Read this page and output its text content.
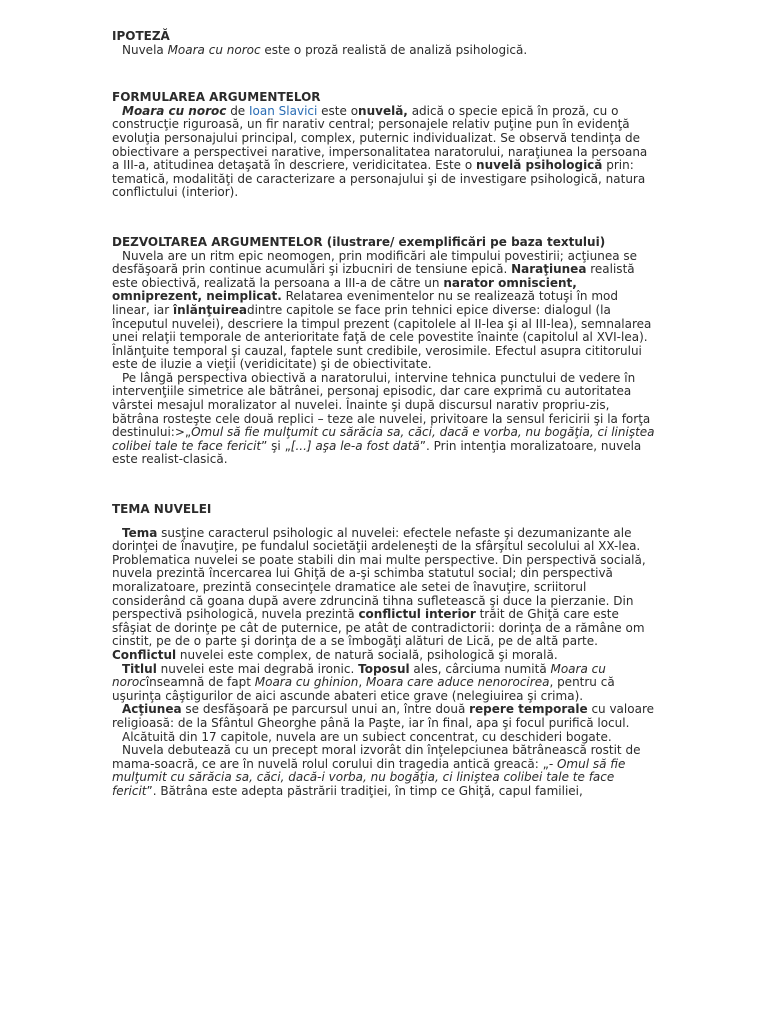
IPOTEZĂ

Nuvela Moara cu noroc este o proză realistă de analiză psihologică.

FORMULAREA ARGUMENTELOR

Moara cu noroc de Ioan Slavici este onuvelă, adică o specie epică în proză, cu o construcţie riguroasă, un fir narativ central; personajele relativ puţine pun în evidenţă evoluţia personajului principal, complex, puternic individualizat. Se observă tendinţa de obiectivare a perspectivei narative, impersonalitatea naratorului, naraţiunea la persoana a III-a, atitudinea detaşată în descriere, veridicitatea. Este o nuvelă psihologică prin: tematică, modalităţi de caracterizare a personajului şi de investigare psihologică, natura conflictului (interior).

DEZVOLTAREA ARGUMENTELOR (ilustrare/ exemplificări pe baza textului)

Nuvela are un ritm epic neomogen, prin modificări ale timpului povestirii; acţiunea se desfăşoară prin continue acumulări şi izbucniri de tensiune epică. Naraţiunea realistă este obiectivă, realizată la persoana a III-a de către un narator omniscient, omniprezent, neimplicat. Relatarea evenimentelor nu se realizează totuşi în mod linear, iar înlănţuireadintre capitole se face prin tehnici epice diverse: dialogul (la începutul nuvelei), descriere la timpul prezent (capitolele al II-lea şi al III-lea), semnalarea unei relaţii temporale de anterioritate faţă de cele povestite înainte (capitolul al XVI-lea). Înlănţuite temporal şi cauzal, faptele sunt credibile, verosimile. Efectul asupra cititorului este de iluzie a vieţii (veridicitate) şi de obiectivitate.

Pe lângă perspectiva obiectivă a naratorului, intervine tehnica punctului de vedere în intervenţiile simetrice ale bătrânei, personaj episodic, dar care exprimă cu autoritatea vârstei mesajul moralizator al nuvelei. Înainte şi după discursul narativ propriu-zis, bătrâna rosteşte cele două replici – teze ale nuvelei, privitoare la sensul fericirii şi la forţa destinului:>„Omul să fie mulţumit cu sărăcia sa, căci, dacă e vorba, nu bogăţia, ci liniştea colibei tale te face fericit” şi „[...] aşa le-a fost dată”. Prin intenţia moralizatoare, nuvela este realist-clasică.

TEMA NUVELEI

Tema susţine caracterul psihologic al nuvelei: efectele nefaste şi dezumanizante ale dorinţei de înavuţire, pe fundalul societăţii ardeleneşti de la sfârşitul secolului al XX-lea. Problematica nuvelei se poate stabili din mai multe perspective. Din perspectivă socială, nuvela prezintă încercarea lui Ghiţă de a-şi schimba statutul social; din perspectivă moralizatoare, prezintă consecinţele dramatice ale setei de înavuţire, scriitorul considerând că goana după avere zdruncină tihna sufletească şi duce la pierzanie. Din perspectivă psihologică, nuvela prezintă conflictul interior trăit de Ghiţă care este sfâşiat de dorinţe pe cât de puternice, pe atât de contradictorii: dorinţa de a rămâne om cinstit, pe de o parte şi dorinţa de a se îmbogăţi alături de Lică, pe de altă parte. Conflictul nuvelei este complex, de natură socială, psihologică şi morală.

Titlul nuvelei este mai degrabă ironic. Toposul ales, cârciuma numită Moara cu norocînseamnă de fapt Moara cu ghinion, Moara care aduce nenorocirea, pentru că uşurinţa câştigurilor de aici ascunde abateri etice grave (nelegiuirea şi crima).

Acţiunea se desfăşoară pe parcursul unui an, între două repere temporale cu valoare religioasă: de la Sfântul Gheorghe până la Paşte, iar în final, apa şi focul purifică locul.

Alcătuită din 17 capitole, nuvela are un subiect concentrat, cu deschideri bogate.

Nuvela debutează cu un precept moral izvorât din înţelepciunea bătrânească rostit de mama-soacră, ce are în nuvelă rolul corului din tragedia antică greacă: „- Omul să fie mulţumit cu sărăcia sa, căci, dacă-i vorba, nu bogăţia, ci liniştea colibei tale te face fericit”. Bătrâna este adepta păstrării tradiţiei, în timp ce Ghiţă, capul familiei,
